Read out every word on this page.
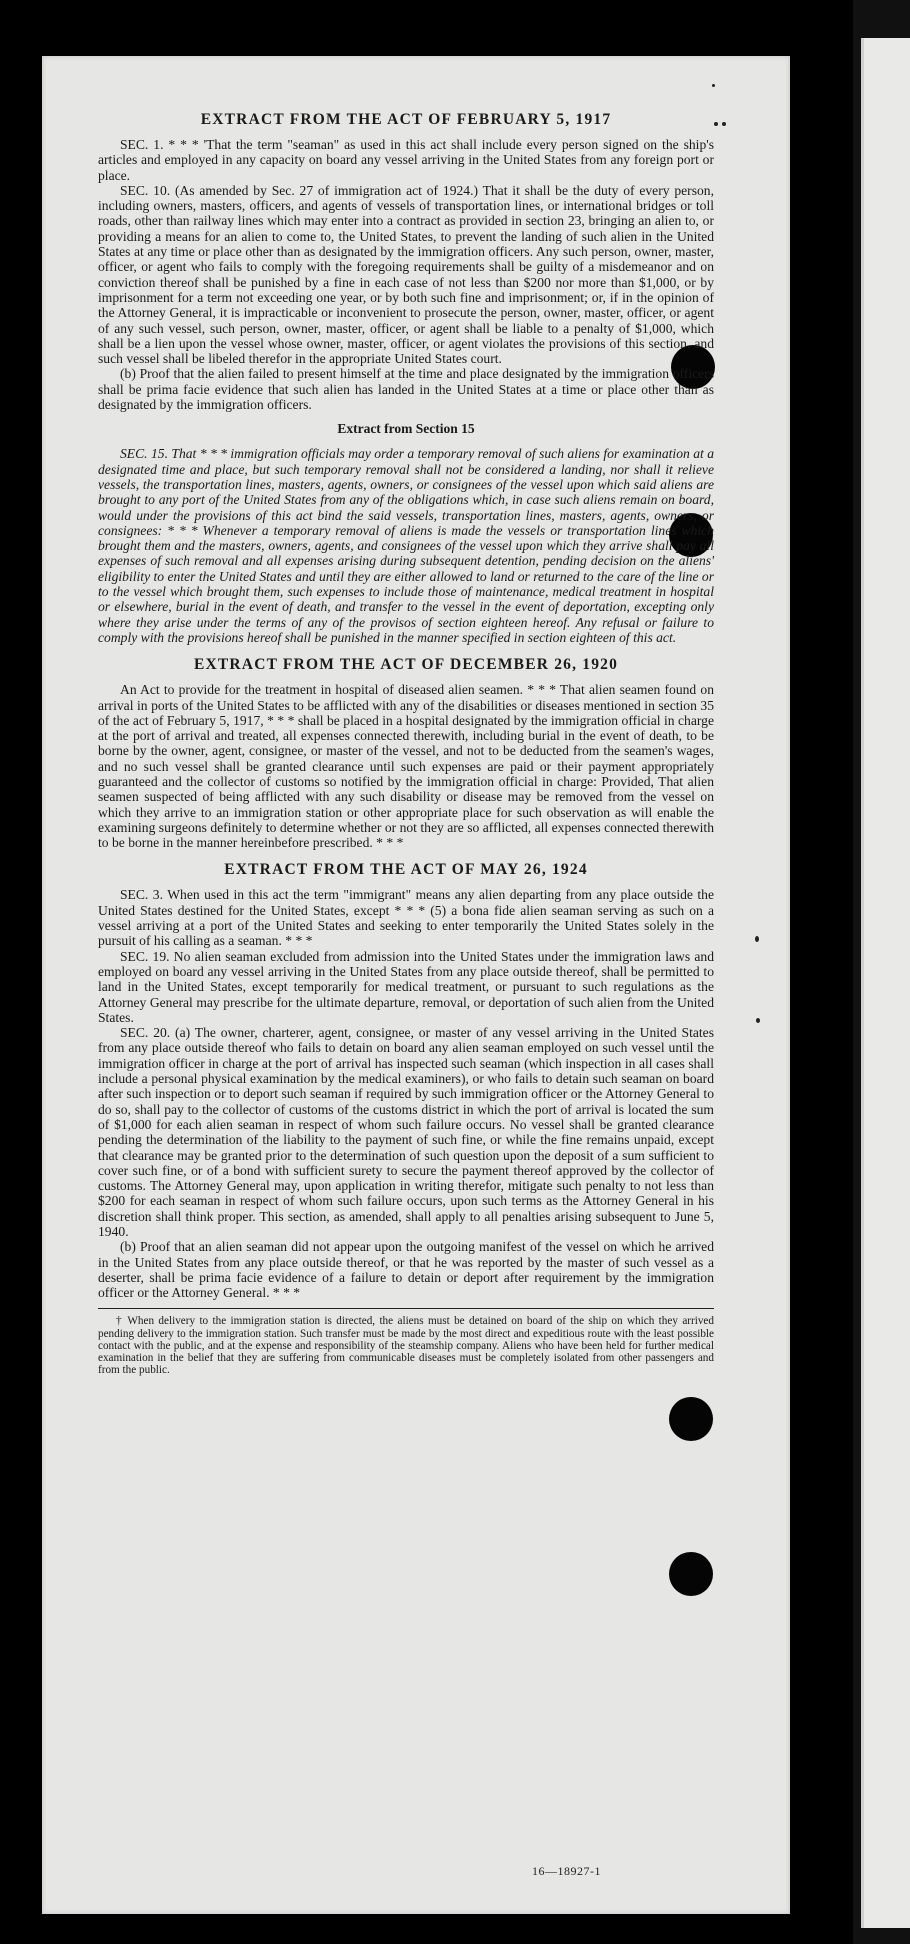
16—18927-1
EXTRACT FROM THE ACT OF FEBRUARY 5, 1917

SEC. 1. * * * 'That the term "seaman" as used in this act shall include every person signed on the ship's articles and employed in any capacity on board any vessel arriving in the United States from any foreign port or place.

SEC. 10. (As amended by Sec. 27 of immigration act of 1924.) That it shall be the duty of every person, including owners, masters, officers, and agents of vessels of transportation lines, or international bridges or toll roads, other than railway lines which may enter into a contract as provided in section 23, bringing an alien to, or providing a means for an alien to come to, the United States, to prevent the landing of such alien in the United States at any time or place other than as designated by the immigration officers. Any such person, owner, master, officer, or agent who fails to comply with the foregoing requirements shall be guilty of a misdemeanor and on conviction thereof shall be punished by a fine in each case of not less than $200 nor more than $1,000, or by imprisonment for a term not exceeding one year, or by both such fine and imprisonment; or, if in the opinion of the Attorney General, it is impracticable or inconvenient to prosecute the person, owner, master, officer, or agent of any such vessel, such person, owner, master, officer, or agent shall be liable to a penalty of $1,000, which shall be a lien upon the vessel whose owner, master, officer, or agent violates the provisions of this section, and such vessel shall be libeled therefor in the appropriate United States court.

(b) Proof that the alien failed to present himself at the time and place designated by the immigration officers shall be prima facie evidence that such alien has landed in the United States at a time or place other than as designated by the immigration officers.

Extract from Section 15

SEC. 15. That * * * immigration officials may order a temporary removal of such aliens for examination at a designated time and place, but such temporary removal shall not be considered a landing, nor shall it relieve vessels, the transportation lines, masters, agents, owners, or consignees of the vessel upon which said aliens are brought to any port of the United States from any of the obligations which, in case such aliens remain on board, would under the provisions of this act bind the said vessels, transportation lines, masters, agents, owners, or consignees: * * * Whenever a temporary removal of aliens is made the vessels or transportation lines which brought them and the masters, owners, agents, and consignees of the vessel upon which they arrive shall pay all expenses of such removal and all expenses arising during subsequent detention, pending decision on the aliens' eligibility to enter the United States and until they are either allowed to land or returned to the care of the line or to the vessel which brought them, such expenses to include those of maintenance, medical treatment in hospital or elsewhere, burial in the event of death, and transfer to the vessel in the event of deportation, excepting only where they arise under the terms of any of the provisos of section eighteen hereof. Any refusal or failure to comply with the provisions hereof shall be punished in the manner specified in section eighteen of this act.

EXTRACT FROM THE ACT OF DECEMBER 26, 1920

An Act to provide for the treatment in hospital of diseased alien seamen. * * * That alien seamen found on arrival in ports of the United States to be afflicted with any of the disabilities or diseases mentioned in section 35 of the act of February 5, 1917, * * * shall be placed in a hospital designated by the immigration official in charge at the port of arrival and treated, all expenses connected therewith, including burial in the event of death, to be borne by the owner, agent, consignee, or master of the vessel, and not to be deducted from the seamen's wages, and no such vessel shall be granted clearance until such expenses are paid or their payment appropriately guaranteed and the collector of customs so notified by the immigration official in charge: Provided, That alien seamen suspected of being afflicted with any such disability or disease may be removed from the vessel on which they arrive to an immigration station or other appropriate place for such observation as will enable the examining surgeons definitely to determine whether or not they are so afflicted, all expenses connected therewith to be borne in the manner hereinbefore prescribed. * * *

EXTRACT FROM THE ACT OF MAY 26, 1924

SEC. 3. When used in this act the term "immigrant" means any alien departing from any place outside the United States destined for the United States, except * * * (5) a bona fide alien seaman serving as such on a vessel arriving at a port of the United States and seeking to enter temporarily the United States solely in the pursuit of his calling as a seaman. * * *

SEC. 19. No alien seaman excluded from admission into the United States under the immigration laws and employed on board any vessel arriving in the United States from any place outside thereof, shall be permitted to land in the United States, except temporarily for medical treatment, or pursuant to such regulations as the Attorney General may prescribe for the ultimate departure, removal, or deportation of such alien from the United States.

SEC. 20. (a) The owner, charterer, agent, consignee, or master of any vessel arriving in the United States from any place outside thereof who fails to detain on board any alien seaman employed on such vessel until the immigration officer in charge at the port of arrival has inspected such seaman (which inspection in all cases shall include a personal physical examination by the medical examiners), or who fails to detain such seaman on board after such inspection or to deport such seaman if required by such immigration officer or the Attorney General to do so, shall pay to the collector of customs of the customs district in which the port of arrival is located the sum of $1,000 for each alien seaman in respect of whom such failure occurs. No vessel shall be granted clearance pending the determination of the liability to the payment of such fine, or while the fine remains unpaid, except that clearance may be granted prior to the determination of such question upon the deposit of a sum sufficient to cover such fine, or of a bond with sufficient surety to secure the payment thereof approved by the collector of customs. The Attorney General may, upon application in writing therefor, mitigate such penalty to not less than $200 for each seaman in respect of whom such failure occurs, upon such terms as the Attorney General in his discretion shall think proper. This section, as amended, shall apply to all penalties arising subsequent to June 5, 1940.

(b) Proof that an alien seaman did not appear upon the outgoing manifest of the vessel on which he arrived in the United States from any place outside thereof, or that he was reported by the master of such vessel as a deserter, shall be prima facie evidence of a failure to detain or deport after requirement by the immigration officer or the Attorney General. * * *

† When delivery to the immigration station is directed, the aliens must be detained on board of the ship on which they arrived pending delivery to the immigration station. Such transfer must be made by the most direct and expeditious route with the least possible contact with the public, and at the expense and responsibility of the steamship company. Aliens who have been held for further medical examination in the belief that they are suffering from communicable diseases must be completely isolated from other passengers and from the public.
